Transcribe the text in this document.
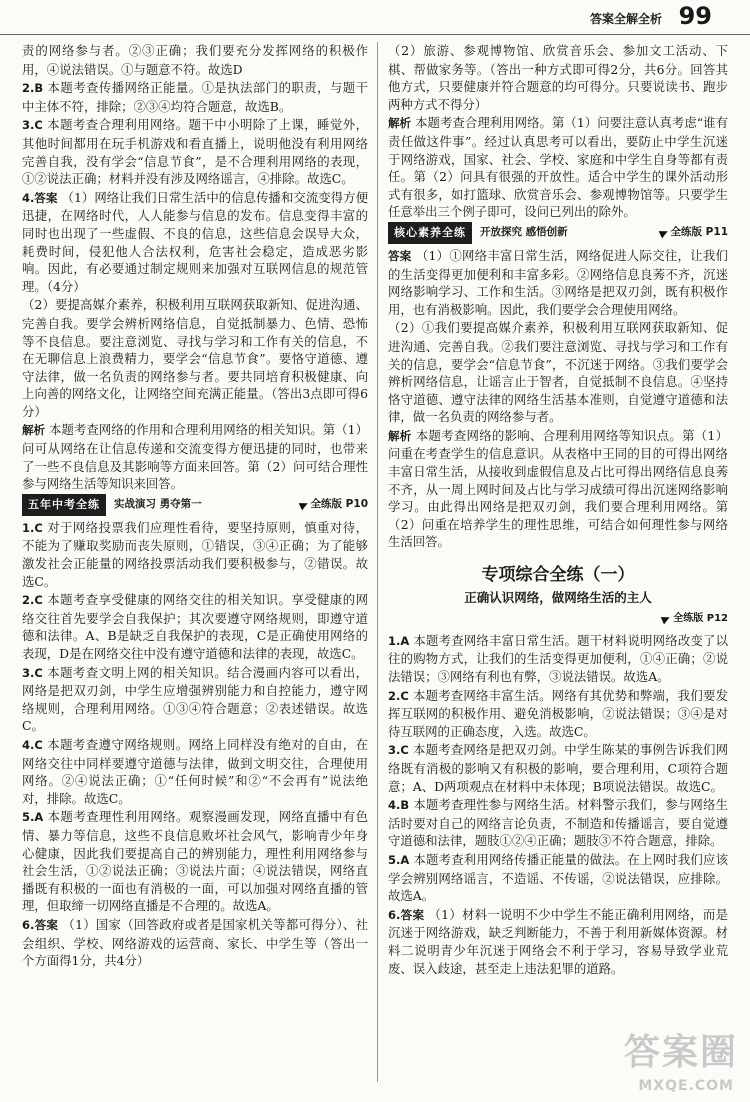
答案全解全析 99

责的网络参与者。②③正确；我们要充分发挥网络的积极作用，④说法错误。①与题意不符。故选D

2.B 本题考查传播网络正能量。①是执法部门的职责，与题干中主体不符，排除；②③④均符合题意，故选B。

3.C 本题考查合理利用网络。题干中小明除了上课，睡觉外，其他时间都用在玩手机游戏和看直播上，说明他没有利用网络完善自我，没有学会“信息节食”，是不合理利用网络的表现，①②说法正确；材料并没有涉及网络谣言，④排除。故选C。

4.答案 （1）网络让我们日常生活中的信息传播和交流变得方便迅捷，在网络时代，人人能参与信息的发布。信息变得丰富的同时也出现了一些虚假、不良的信息，这些信息会误导大众，耗费时间，侵犯他人合法权利，危害社会稳定，造成恶劣影响。因此，有必要通过制定规则来加强对互联网信息的规范管理。（4分）

（2）要提高媒介素养，积极利用互联网获取新知、促进沟通、完善自我。要学会辨析网络信息，自觉抵制暴力、色情、恐怖等不良信息。要注意浏览、寻找与学习和工作有关的信息，不在无聊信息上浪费精力，要学会“信息节食”。要恪守道德、遵守法律，做一名负责的网络参与者。要共同培育积极健康、向上向善的网络文化，让网络空间充满正能量。（答出3点即可得6分）

解析 本题考查网络的作用和合理利用网络的相关知识。第（1）问可从网络在让信息传递和交流变得方便迅捷的同时，也带来了一些不良信息及其影响等方面来回答。第（2）问可结合理性参与网络生活等知识来回答。

五年中考全练	实战演习 勇夺第一	全练版 P10

1.C 对于网络投票我们应理性看待，要坚持原则，慎重对待，不能为了赚取奖励而丧失原则，①错误，③④正确；为了能够激发社会正能量的网络投票活动我们要积极参与，②错误。故选C。

2.C 本题考查享受健康的网络交往的相关知识。享受健康的网络交往首先要学会自我保护；其次要遵守网络规则，即遵守道德和法律。A、B是缺乏自我保护的表现，C是正确使用网络的表现，D是在网络交往中没有遵守道德和法律的表现，故选C。

3.C 本题考查文明上网的相关知识。结合漫画内容可以看出，网络是把双刃剑，中学生应增强辨别能力和自控能力，遵守网络规则，合理利用网络。①③④符合题意；②表述错误。故选C。

4.C 本题考查遵守网络规则。网络上同样没有绝对的自由，在网络交往中同样要遵守道德与法律，做到文明交往，合理使用网络。②④说法正确；①“任何时候”和②“不会再有”说法绝对，排除。故选C。

5.A 本题考查理性利用网络。观察漫画发现，网络直播中有色情、暴力等信息，这些不良信息败坏社会风气，影响青少年身心健康，因此我们要提高自己的辨别能力，理性利用网络参与社会生活，①②说法正确；③说法片面；④说法错误，网络直播既有积极的一面也有消极的一面，可以加强对网络直播的管理，但取缔一切网络直播是不合理的。故选A。

6.答案 （1）国家（回答政府或者是国家机关等都可得分）、社会组织、学校、网络游戏的运营商、家长、中学生等（答出一个方面得1分，共4分）

（2）旅游、参观博物馆、欣赏音乐会、参加文工活动、下棋、帮做家务等。（答出一种方式即可得2分，共6分。回答其他方式，只要健康并符合题意的均可得分。只要说读书、跑步两种方式不得分）

解析 本题考查合理利用网络。第（1）问要注意认真考虑“谁有责任做这件事”。经过认真思考可以看出，要防止中学生沉迷于网络游戏，国家、社会、学校、家庭和中学生自身等都有责任。第（2）问具有很强的开放性。适合中学生的课外活动形式有很多，如打篮球、欣赏音乐会、参观博物馆等。只要学生任意举出三个例子即可，设问已列出的除外。

核心素养全练	开放探究 感悟创新	全练版 P11

答案 （1）①网络丰富日常生活，网络促进人际交往，让我们的生活变得更加便利和丰富多彩。②网络信息良莠不齐，沉迷网络影响学习、工作和生活。③网络是把双刃剑，既有积极作用，也有消极影响。因此，我们要学会合理使用网络。

（2）①我们要提高媒介素养，积极利用互联网获取新知、促进沟通、完善自我。②我们要注意浏览、寻找与学习和工作有关的信息，要学会“信息节食”，不沉迷于网络。③我们要学会辨析网络信息，让谣言止于智者，自觉抵制不良信息。④坚持恪守道德、遵守法律的网络生活基本准则，自觉遵守道德和法律，做一名负责的网络参与者。

解析 本题考查网络的影响、合理利用网络等知识点。第（1）问重在考查学生的信息意识。从表格中王同的目的可得出网络丰富日常生活，从接收到虚假信息及占比可得出网络信息良莠不齐，从一周上网时间及占比与学习成绩可得出沉迷网络影响学习。由此得出网络是把双刃剑，我们要合理利用网络。第（2）问重在培养学生的理性思维，可结合如何理性参与网络生活回答。

专项综合全练（一）
正确认识网络，做网络生活的主人
全练版 P12

1.A 本题考查网络丰富日常生活。题干材料说明网络改变了以往的购物方式，让我们的生活变得更加便利，①④正确；②说法错误；③网络有利也有弊，③说法错误。故选A。

2.C 本题考查网络丰富生活。网络有其优势和弊端，我们要发挥互联网的积极作用、避免消极影响，②说法错误；③④是对待互联网的正确态度，入选。故选C。

3.C 本题考查网络是把双刃剑。中学生陈某的事例告诉我们网络既有消极的影响又有积极的影响，要合理利用，C项符合题意；A、D两项观点在材料中未体现；B项说法错误。故选C。

4.B 本题考查理性参与网络生活。材料警示我们，参与网络生活时要对自己的网络言论负责，不制造和传播谣言，要自觉遵守道德和法律，题肢①②④正确；题肢③不符合题意，排除。

5.A 本题考查利用网络传播正能量的做法。在上网时我们应该学会辨别网络谣言，不造谣、不传谣，②说法错误，应排除。故选A。

6.答案 （1）材料一说明不少中学生不能正确利用网络，而是沉迷于网络游戏，缺乏判断能力，不善于利用新媒体资源。材料二说明青少年沉迷于网络会不利于学习，容易导致学业荒废、误入歧途，甚至走上违法犯罪的道路。

答案圈
MXQE.COM
